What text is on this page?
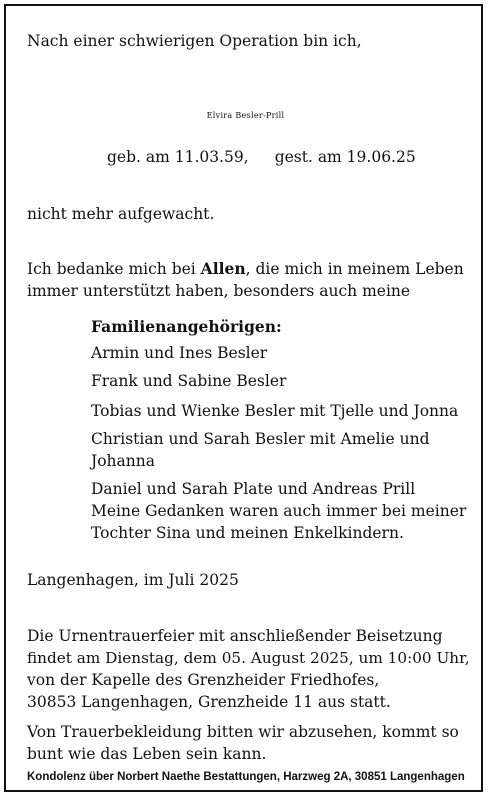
Nach einer schwierigen Operation bin ich,

Elvira Besler-Prill

geb. am 11.03.59, gest. am 19.06.25

nicht mehr aufgewacht.

Ich bedanke mich bei Allen, die mich in meinem Leben

immer unterstützt haben, besonders auch meine

Familienangehörigen:

Armin und Ines Besler

Frank und Sabine Besler

Tobias und Wienke Besler mit Tjelle und Jonna

Christian und Sarah Besler mit Amelie und

Johanna

Daniel und Sarah Plate und Andreas Prill

Meine Gedanken waren auch immer bei meiner

Tochter Sina und meinen Enkelkindern.

Langenhagen, im Juli 2025

Die Urnentrauerfeier mit anschließender Beisetzung

findet am Dienstag, dem 05. August 2025, um 10:00 Uhr,

von der Kapelle des Grenzheider Friedhofes,

30853 Langenhagen, Grenzheide 11 aus statt.

Von Trauerbekleidung bitten wir abzusehen, kommt so

bunt wie das Leben sein kann.

Kondolenz über Norbert Naethe Bestattungen, Harzweg 2A, 30851 Langenhagen
